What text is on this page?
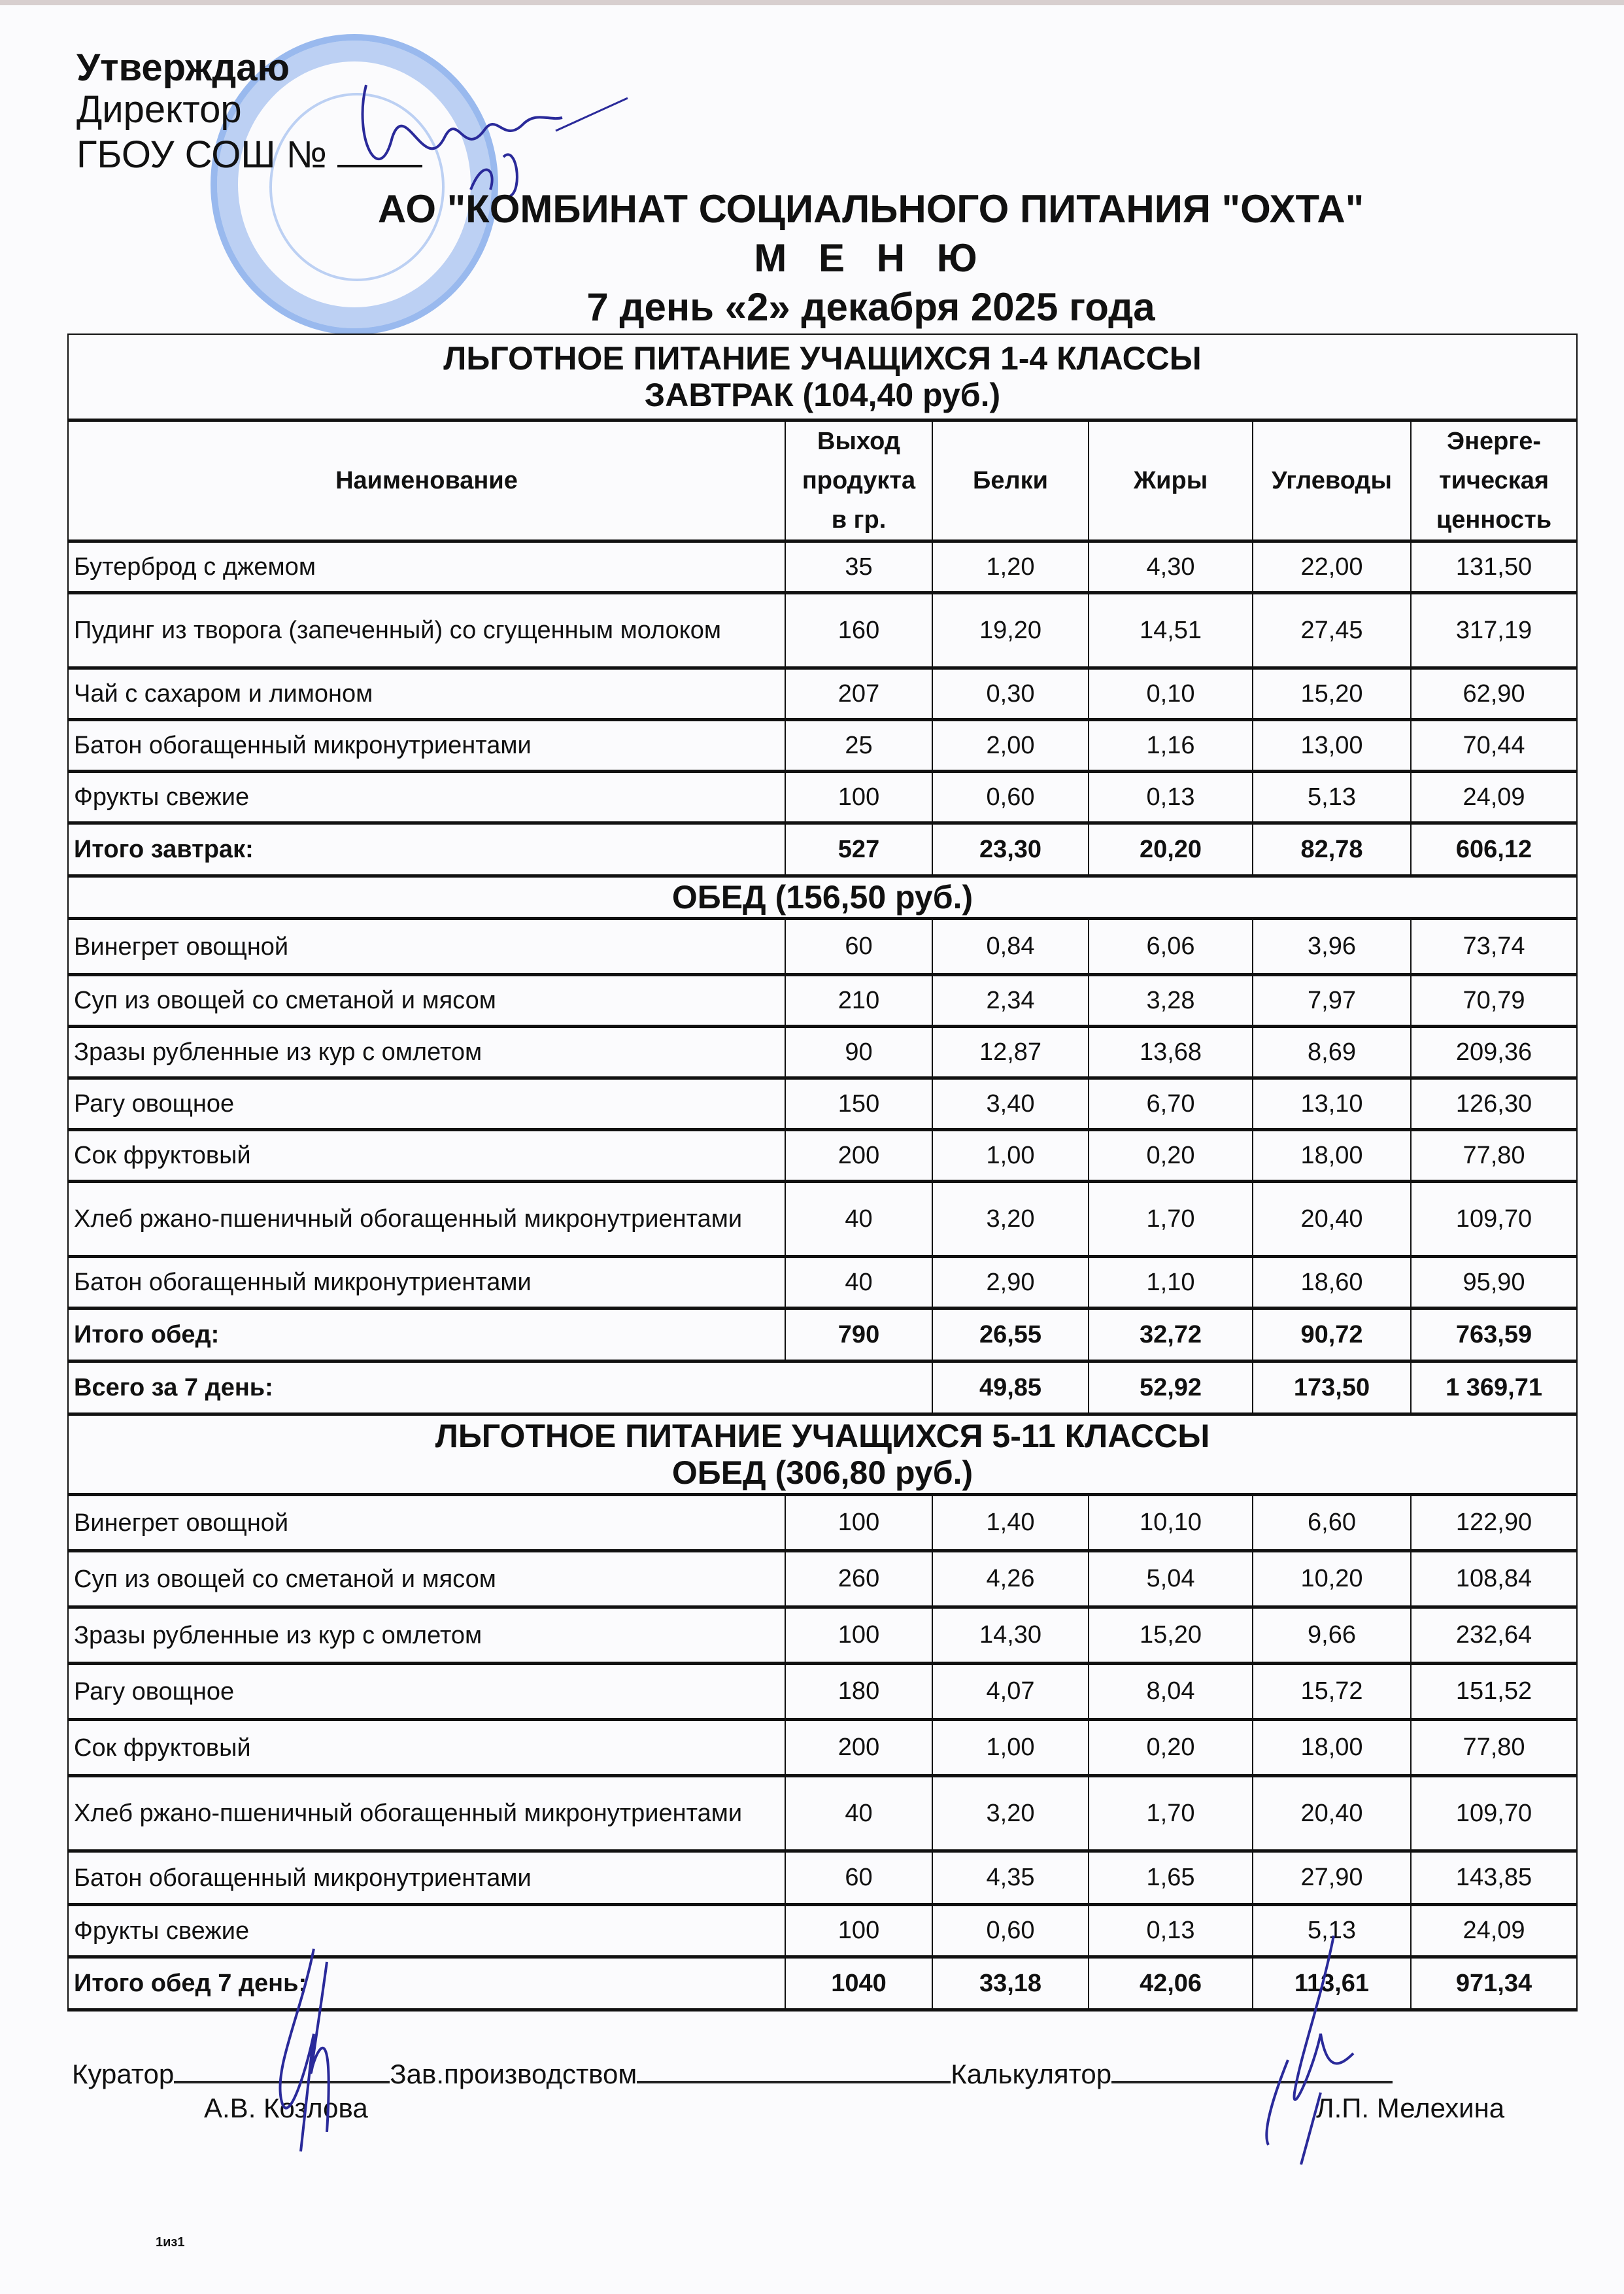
Утверждаю
Директор
ГБОУ СОШ №
АО "КОМБИНАТ СОЦИАЛЬНОГО ПИТАНИЯ "ОХТА"
М Е Н Ю
7 день «2» декабря 2025 года
ЛЬГОТНОЕ ПИТАНИЕ УЧАЩИХСЯ 1-4 КЛАССЫ
ЗАВТРАК (104,40 руб.)					

Наименование	Выход продукта в гр.	Белки	Жиры	Углеводы	Энерге-тическая ценность
Бутерброд с джемом	35	1,20	4,30	22,00	131,50
Пудинг из творога (запеченный) со сгущенным молоком	160	19,20	14,51	27,45	317,19
Чай с сахаром и лимоном	207	0,30	0,10	15,20	62,90
Батон обогащенный микронутриентами	25	2,00	1,16	13,00	70,44
Фрукты свежие	100	0,60	0,13	5,13	24,09
Итого завтрак:	527	23,30	20,20	82,78	606,12

ОБЕД (156,50 руб.)					

Винегрет овощной	60	0,84	6,06	3,96	73,74
Суп из овощей со сметаной и мясом	210	2,34	3,28	7,97	70,79
Зразы рубленные из кур с омлетом	90	12,87	13,68	8,69	209,36
Рагу овощное	150	3,40	6,70	13,10	126,30
Сок фруктовый	200	1,00	0,20	18,00	77,80
Хлеб ржано-пшеничный обогащенный микронутриентами	40	3,20	1,70	20,40	109,70
Батон обогащенный микронутриентами	40	2,90	1,10	18,60	95,90
Итого обед:	790	26,55	32,72	90,72	763,59
Всего за 7 день:		49,85	52,92	173,50	1 369,71

ЛЬГОТНОЕ ПИТАНИЕ УЧАЩИХСЯ 5-11 КЛАССЫ
ОБЕД (306,80 руб.)					

Винегрет овощной	100	1,40	10,10	6,60	122,90
Суп из овощей со сметаной и мясом	260	4,26	5,04	10,20	108,84
Зразы рубленные из кур с омлетом	100	14,30	15,20	9,66	232,64
Рагу овощное	180	4,07	8,04	15,72	151,52
Сок фруктовый	200	1,00	0,20	18,00	77,80
Хлеб ржано-пшеничный обогащенный микронутриентами	40	3,20	1,70	20,40	109,70
Батон обогащенный микронутриентами	60	4,35	1,65	27,90	143,85
Фрукты свежие	100	0,60	0,13	5,13	24,09
Итого обед 7 день:	1040	33,18	42,06	113,61	971,34
Куратор	Зав.производством	Калькулятор
А.В. Козлова	Л.П. Мелехина
1из1
